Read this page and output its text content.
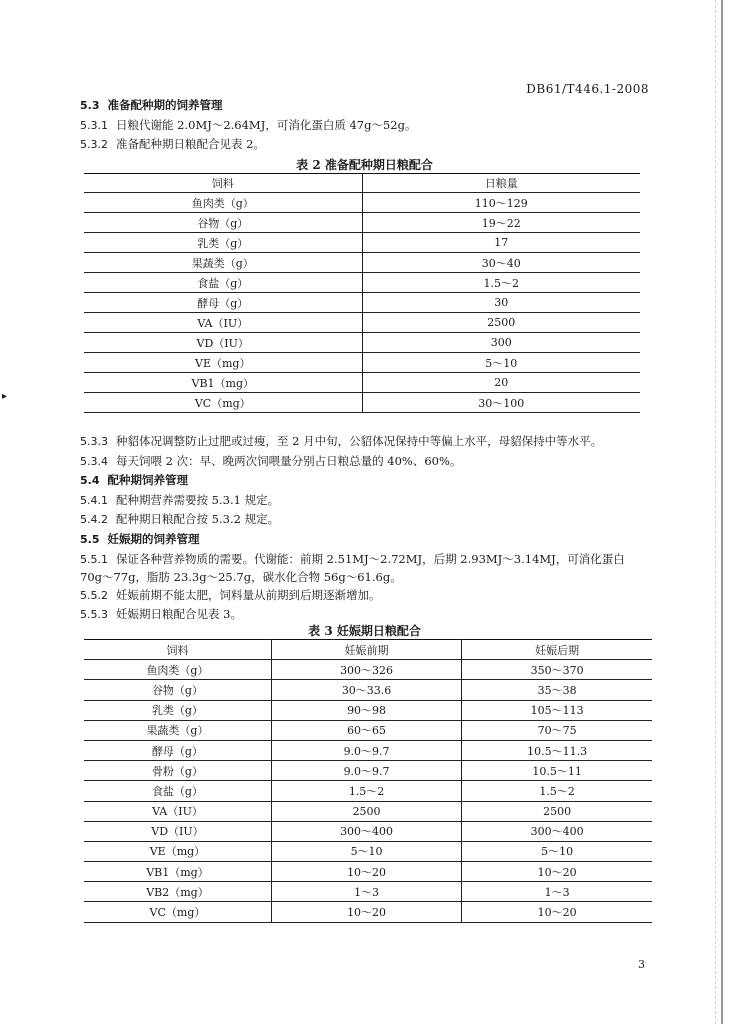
▸
DB61/T446.1-2008
5.3 准备配种期的饲养管理
5.3.1 日粮代谢能 2.0MJ～2.64MJ，可消化蛋白质 47g～52g。
5.3.2 准备配种期日粮配合见表 2。
表 2 准备配种期日粮配合
饲料	日粮量
鱼肉类（g）	110～129
谷物（g）	19～22
乳类（g）	17
果蔬类（g）	30～40
食盐（g）	1.5～2
酵母（g）	30
VA（IU）	2500
VD（IU）	300
VE（mg）	5～10
VB1（mg）	20
VC（mg）	30～100
5.3.3 种貂体况调整防止过肥或过瘦，至 2 月中旬，公貂体况保持中等偏上水平，母貂保持中等水平。
5.3.4 每天饲喂 2 次：早、晚两次饲喂量分别占日粮总量的 40%、60%。
5.4 配种期饲养管理
5.4.1 配种期营养需要按 5.3.1 规定。
5.4.2 配种期日粮配合按 5.3.2 规定。
5.5 妊娠期的饲养管理
5.5.1 保证各种营养物质的需要。代谢能：前期 2.51MJ～2.72MJ，后期 2.93MJ～3.14MJ，可消化蛋白
70g～77g，脂肪 23.3g～25.7g，碳水化合物 56g～61.6g。
5.5.2 妊娠前期不能太肥，饲料量从前期到后期逐渐增加。
5.5.3 妊娠期日粮配合见表 3。
表 3 妊娠期日粮配合
饲料	妊娠前期	妊娠后期
鱼肉类（g）	300～326	350～370
谷物（g）	30～33.6	35～38
乳类（g）	90～98	105～113
果蔬类（g）	60～65	70～75
酵母（g）	9.0～9.7	10.5～11.3
骨粉（g）	9.0～9.7	10.5～11
食盐（g）	1.5～2	1.5～2
VA（IU）	2500	2500
VD（IU）	300～400	300～400
VE（mg）	5～10	5～10
VB1（mg）	10～20	10～20
VB2（mg）	1～3	1～3
VC（mg）	10～20	10～20
3
